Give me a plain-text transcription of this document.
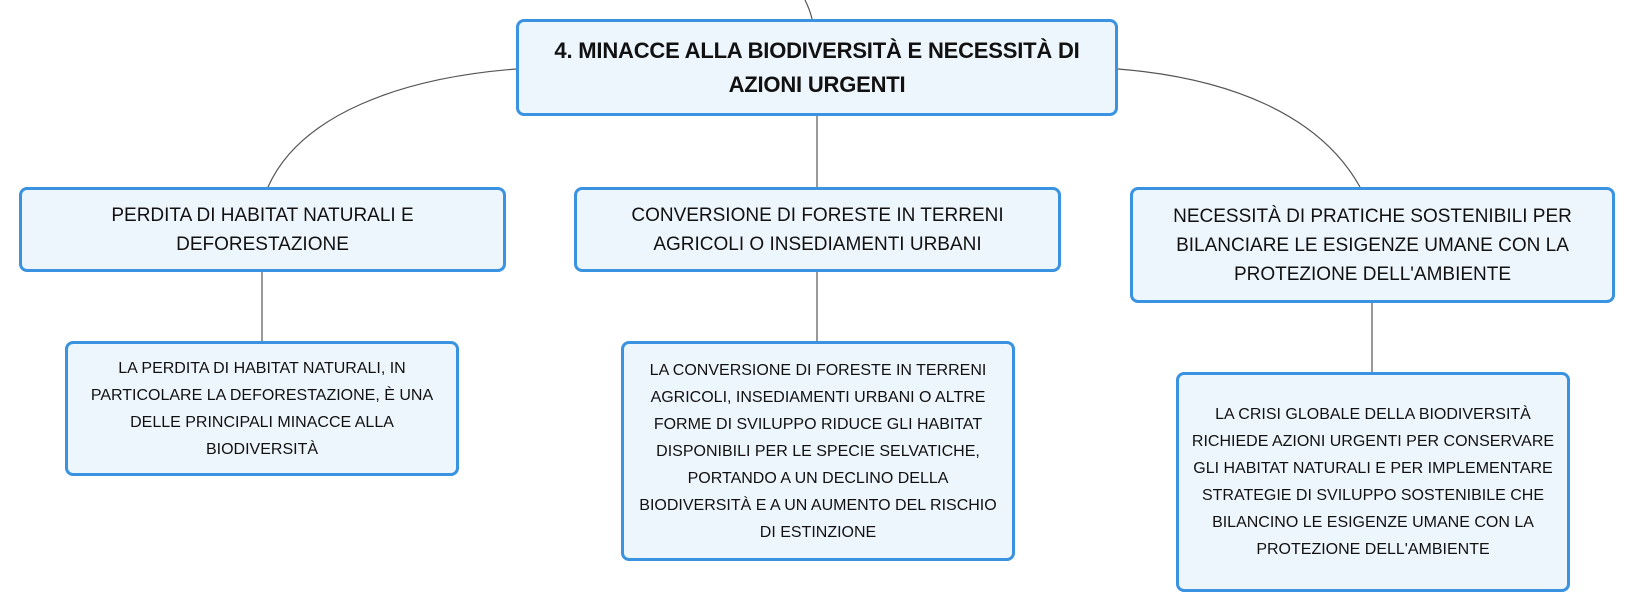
4. MINACCE ALLA BIODIVERSITÀ E NECESSITÀ DI AZIONI URGENTI
PERDITA DI HABITAT NATURALI E DEFORESTAZIONE
CONVERSIONE DI FORESTE IN TERRENI AGRICOLI O INSEDIAMENTI URBANI
NECESSITÀ DI PRATICHE SOSTENIBILI PER BILANCIARE LE ESIGENZE UMANE CON LA PROTEZIONE DELL'AMBIENTE
LA PERDITA DI HABITAT NATURALI, IN PARTICOLARE LA DEFORESTAZIONE, È UNA DELLE PRINCIPALI MINACCE ALLA BIODIVERSITÀ
LA CONVERSIONE DI FORESTE IN TERRENI AGRICOLI, INSEDIAMENTI URBANI O ALTRE FORME DI SVILUPPO RIDUCE GLI HABITAT DISPONIBILI PER LE SPECIE SELVATICHE, PORTANDO A UN DECLINO DELLA BIODIVERSITÀ E A UN AUMENTO DEL RISCHIO DI ESTINZIONE
LA CRISI GLOBALE DELLA BIODIVERSITÀ RICHIEDE AZIONI URGENTI PER CONSERVARE GLI HABITAT NATURALI E PER IMPLEMENTARE STRATEGIE DI SVILUPPO SOSTENIBILE CHE BILANCINO LE ESIGENZE UMANE CON LA PROTEZIONE DELL'AMBIENTE
